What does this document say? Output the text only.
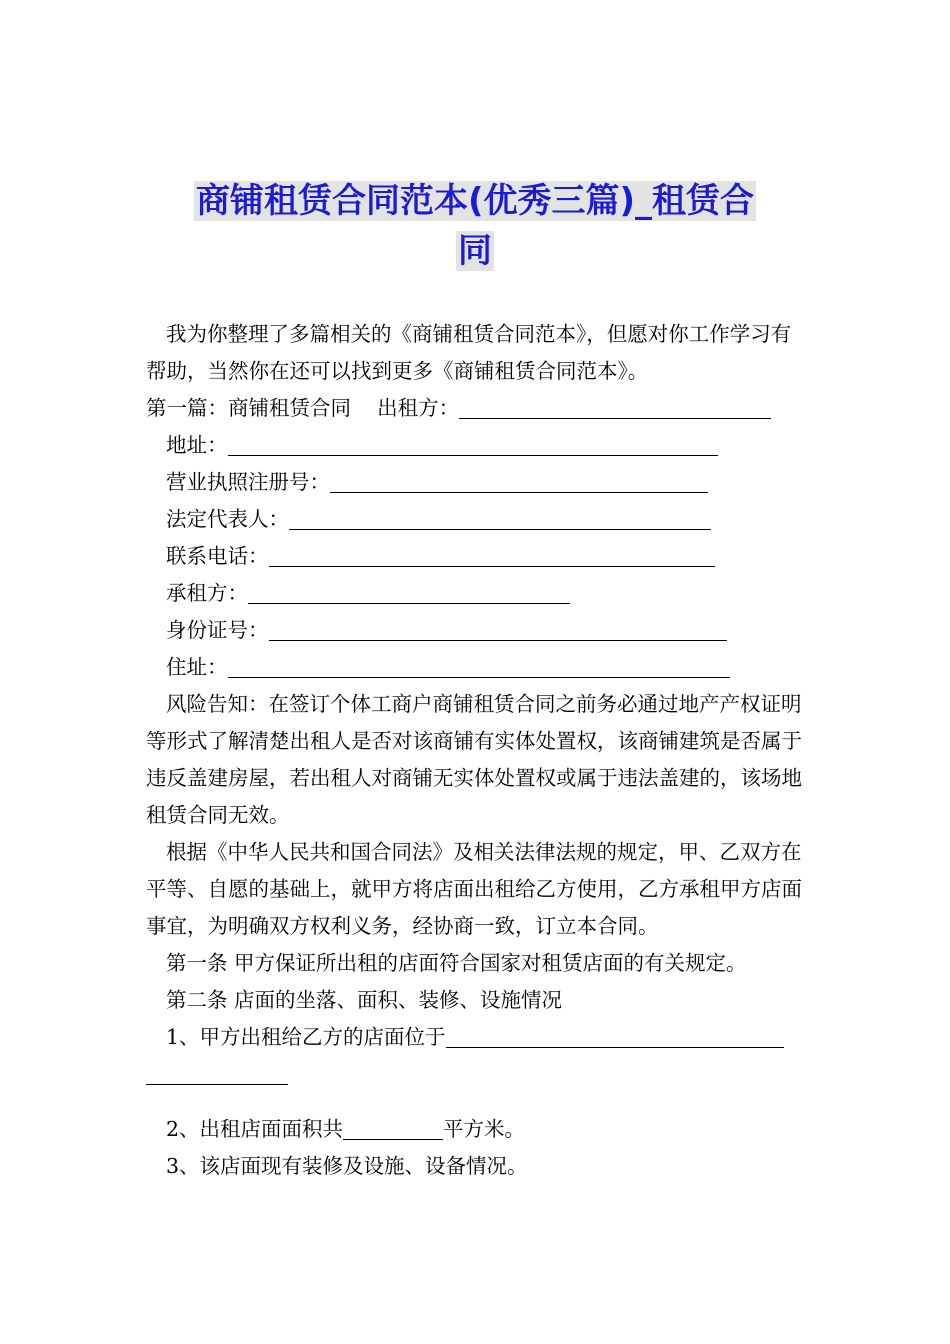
商铺租赁合同范本(优秀三篇)_租赁合
同

我为你整理了多篇相关的《商铺租赁合同范本》，但愿对你工作学习有帮助，当然你在还可以找到更多《商铺租赁合同范本》。

第一篇：商铺租赁合同 出租方：

地址：

营业执照注册号：

法定代表人：

联系电话：

承租方：

身份证号：

住址：

风险告知：在签订个体工商户商铺租赁合同之前务必通过地产产权证明等形式了解清楚出租人是否对该商铺有实体处置权，该商铺建筑是否属于违反盖建房屋，若出租人对商铺无实体处置权或属于违法盖建的，该场地租赁合同无效。

根据《中华人民共和国合同法》及相关法律法规的规定，甲、乙双方在平等、自愿的基础上，就甲方将店面出租给乙方使用，乙方承租甲方店面事宜，为明确双方权利义务，经协商一致，订立本合同。

第一条 甲方保证所出租的店面符合国家对租赁店面的有关规定。

第二条 店面的坐落、面积、装修、设施情况

1、甲方出租给乙方的店面位于

2、出租店面面积共	平方米。

3、该店面现有装修及设施、设备情况。
